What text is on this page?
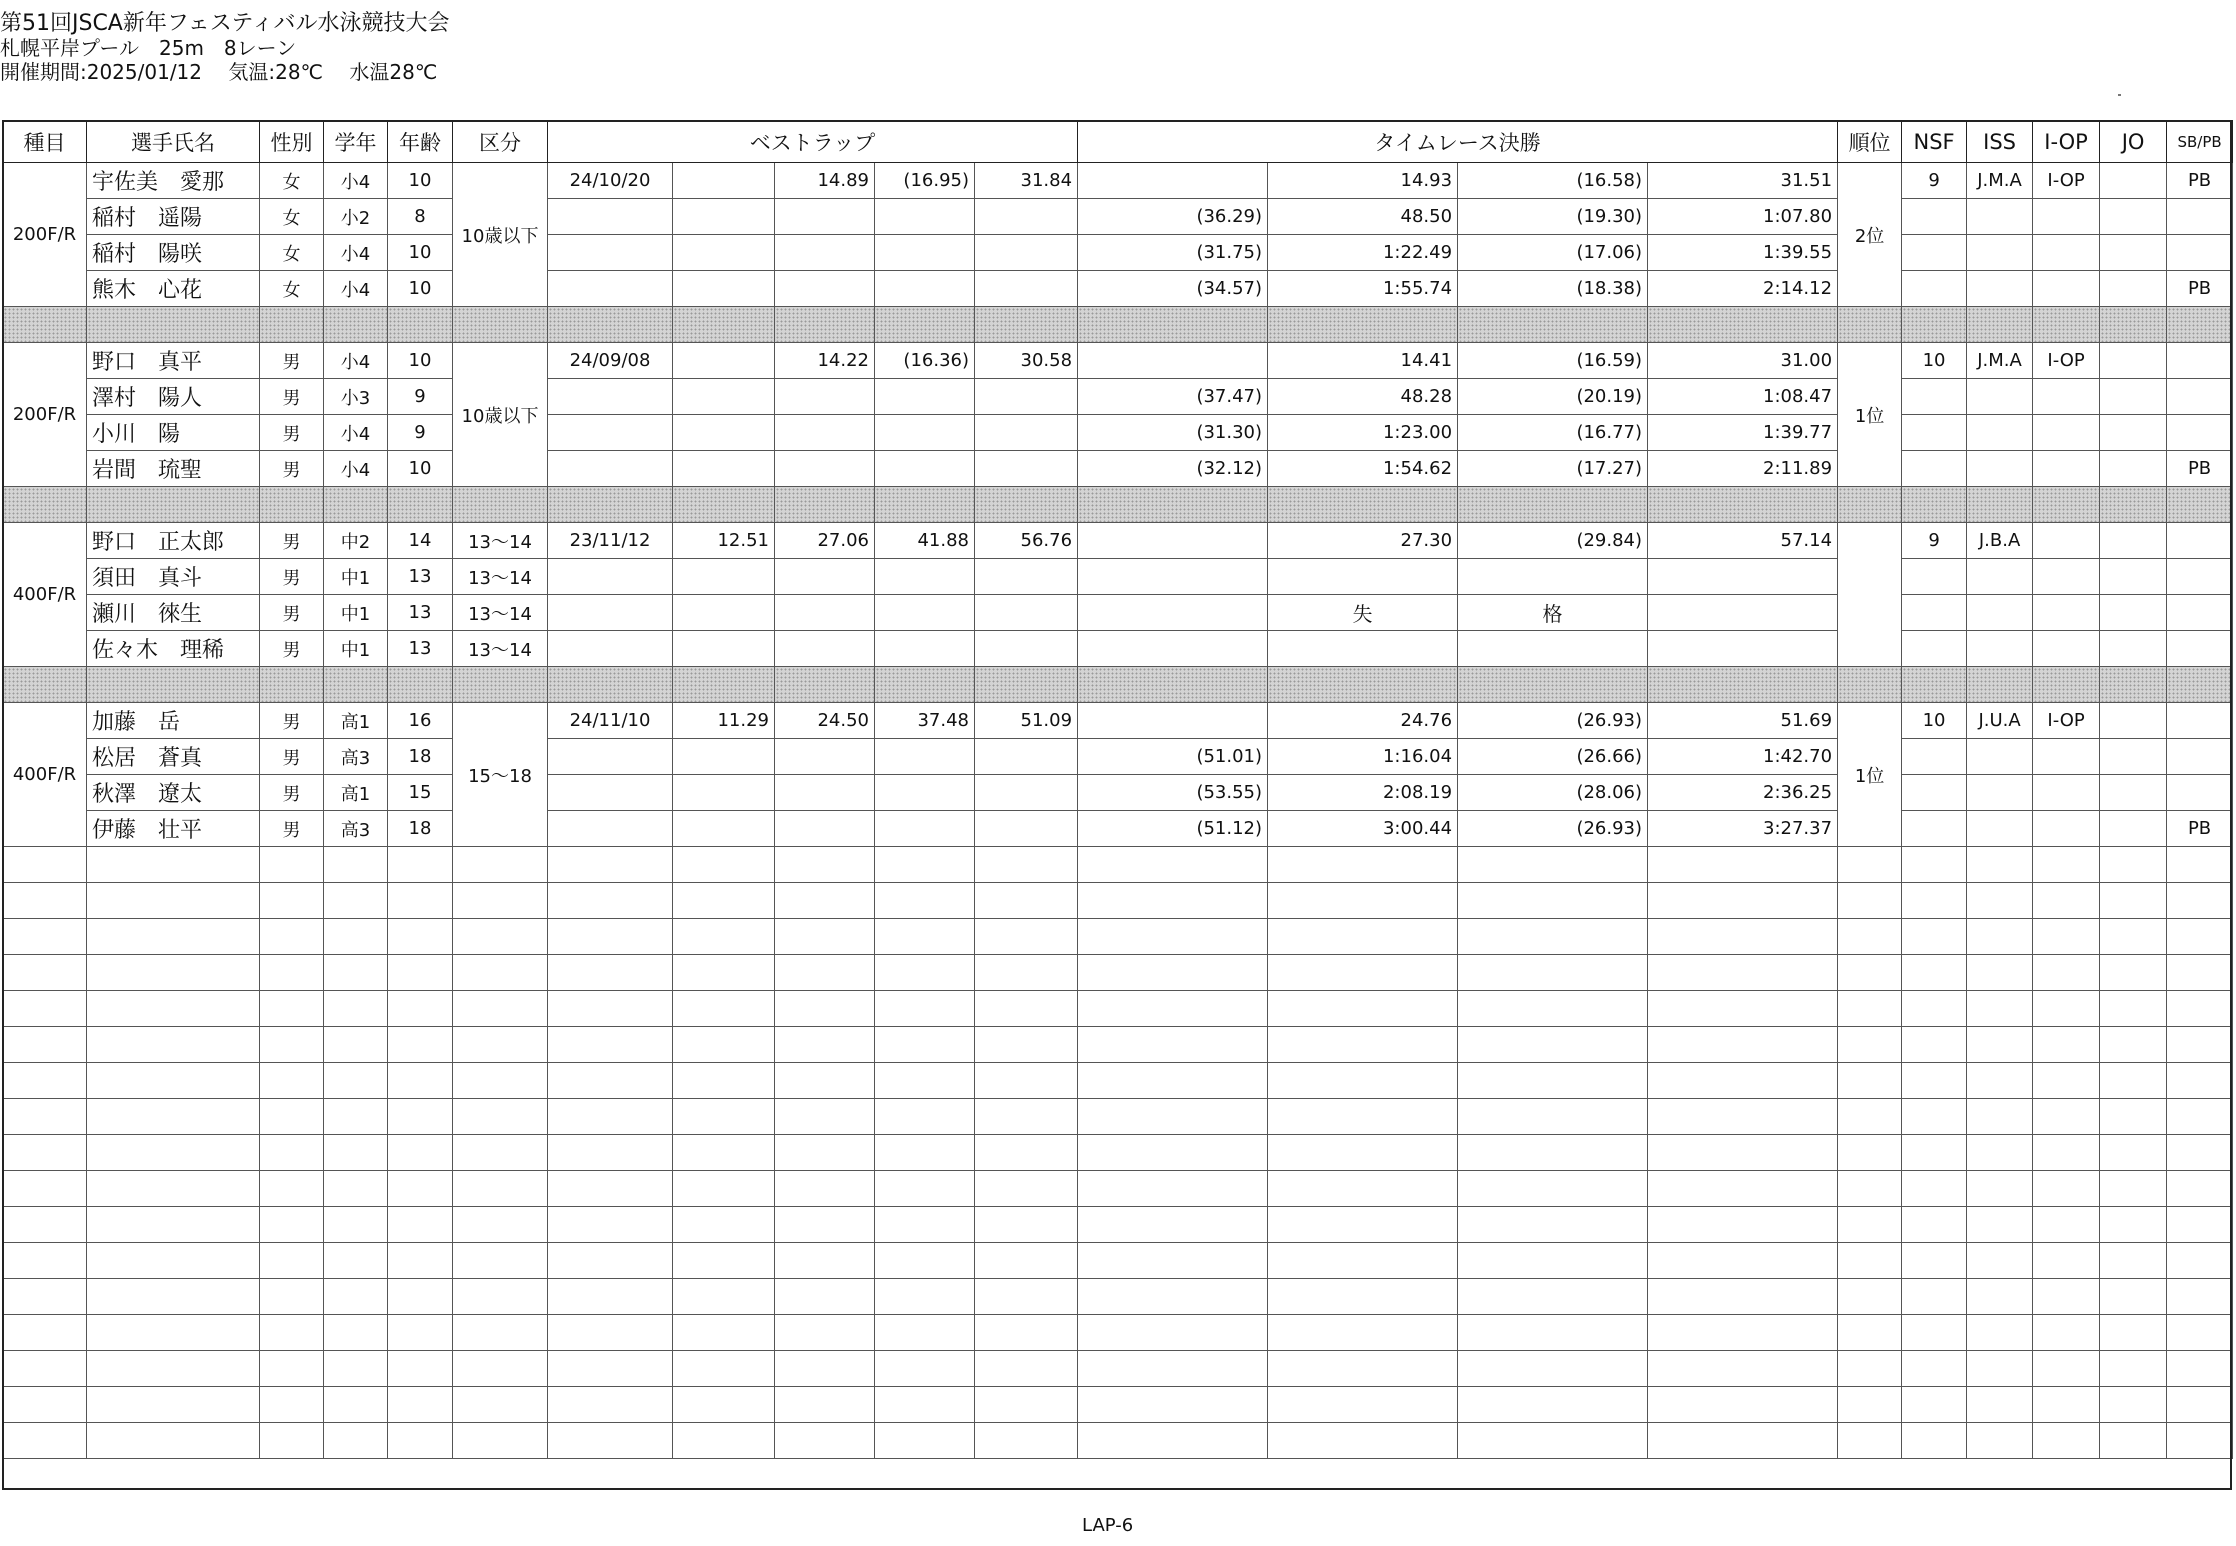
第51回JSCA新年フェスティバル水泳競技大会
札幌平岸プール　25m　8レーン
開催期間:2025/01/12　 気温:28℃　 水温28℃
種目	選手氏名	性別	学年	年齢	区分	ベストラップ					タイムレース決勝				順位	NSF	ISS	I-OP	JO	SB/PB
200F/R	宇佐美　愛那	女	小4	10	10歳以下	24/10/20		14.89	(16.95)	31.84		14.93	(16.58)	31.51	2位	9	J.M.A	I-OP		PB
	稲村　遥陽	女	小2	8							(36.29)	48.50	(19.30)	1:07.80						
	稲村　陽咲	女	小4	10							(31.75)	1:22.49	(17.06)	1:39.55						
	熊木　心花	女	小4	10							(34.57)	1:55.74	(18.38)	2:14.12						PB

200F/R	野口　真平	男	小4	10	10歳以下	24/09/08		14.22	(16.36)	30.58		14.41	(16.59)	31.00	1位	10	J.M.A	I-OP		
	澤村　陽人	男	小3	9							(37.47)	48.28	(20.19)	1:08.47						
	小川　陽	男	小4	9							(31.30)	1:23.00	(16.77)	1:39.77						
	岩間　琉聖	男	小4	10							(32.12)	1:54.62	(17.27)	2:11.89						PB

400F/R	野口　正太郎	男	中2	14	13～14	23/11/12	12.51	27.06	41.88	56.76		27.30	(29.84)	57.14		9	J.B.A			
	須田　真斗	男	中1	13	13～14															
	瀬川　徠生	男	中1	13	13～14							失	格							
	佐々木　理稀	男	中1	13	13～14															

400F/R	加藤　岳	男	高1	16	15～18	24/11/10	11.29	24.50	37.48	51.09		24.76	(26.93)	51.69	1位	10	J.U.A	I-OP		
	松居　蒼真	男	高3	18							(51.01)	1:16.04	(26.66)	1:42.70						
	秋澤　遼太	男	高1	15							(53.55)	2:08.19	(28.06)	2:36.25						
	伊藤　壮平	男	高3	18							(51.12)	3:00.44	(26.93)	3:27.37						PB

LAP-6
